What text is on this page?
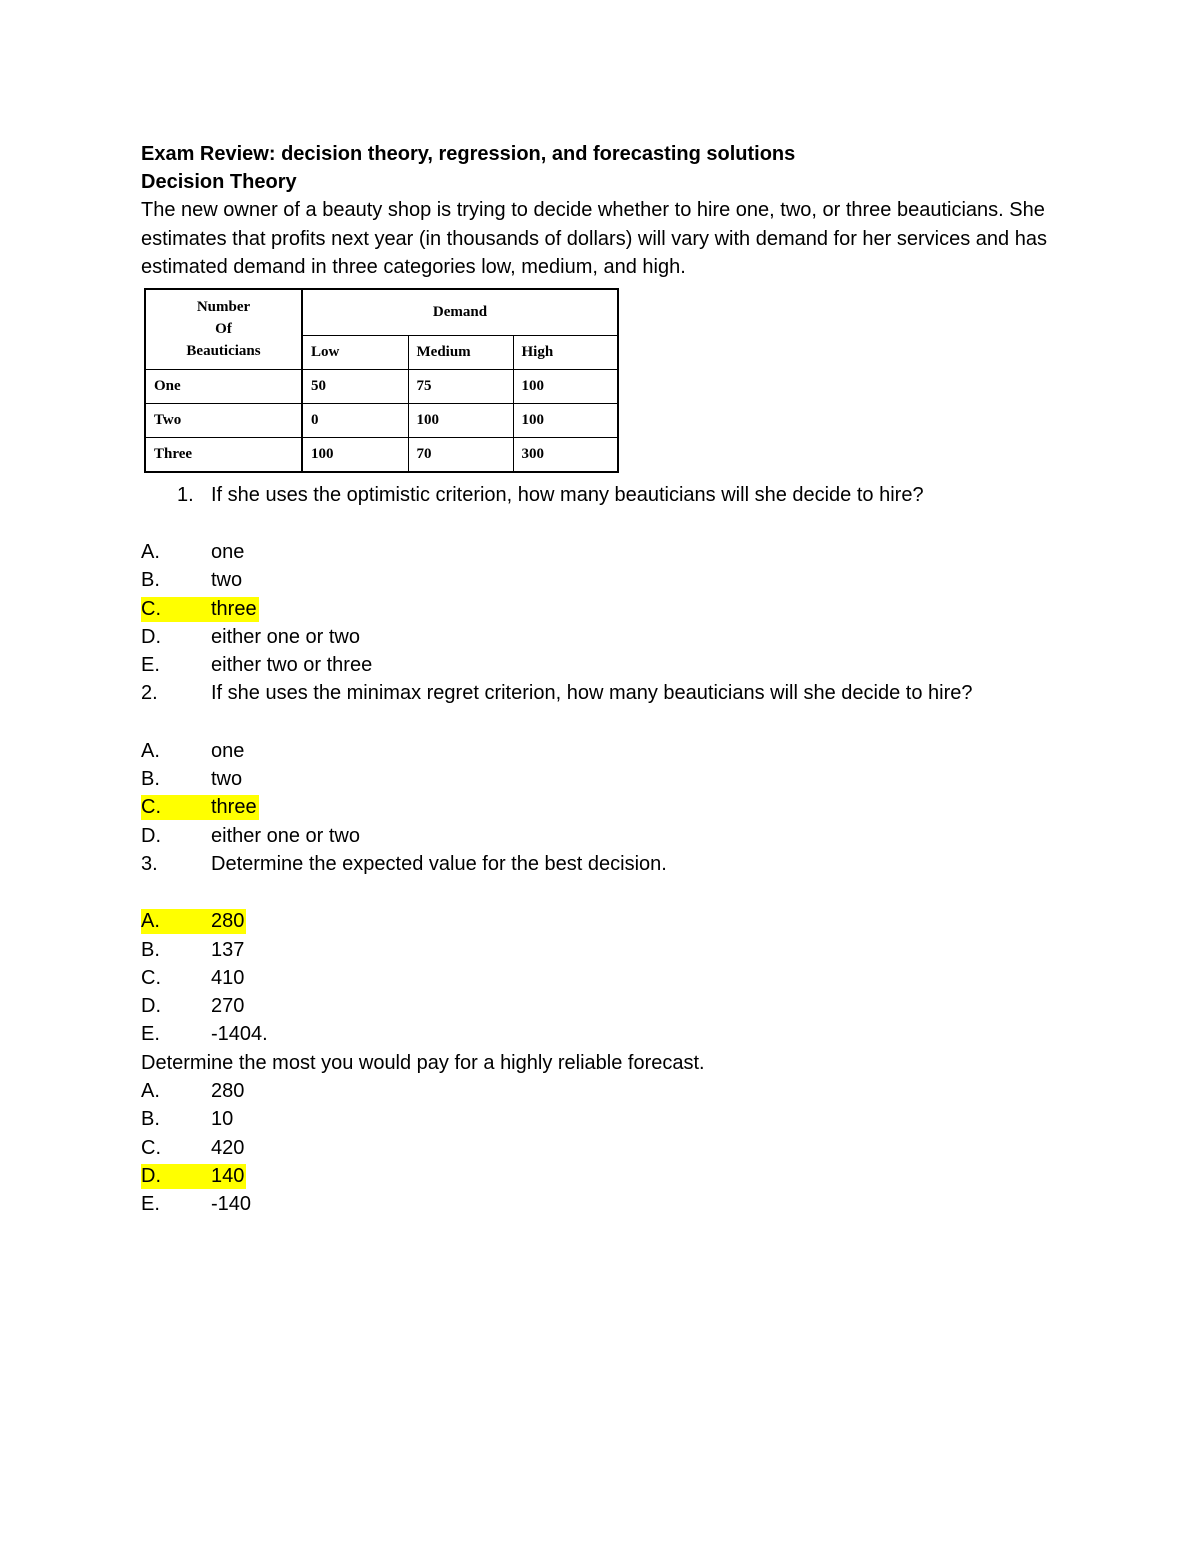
Exam Review: decision theory, regression, and forecasting solutions

Decision Theory

The new owner of a beauty shop is trying to decide whether to hire one, two, or three beauticians. She estimates that profits next year (in thousands of dollars) will vary with demand for her services and has estimated demand in three categories low, medium, and high.

Number
Of
Beauticians	Demand		
	Low	Medium	High
One	50	75	100
Two	0	100	100
Three	100	70	300

1. If she uses the optimistic criterion, how many beauticians will she decide to hire?

A.	one
B.	two
C.	three
D.	either one or two
E.	either two or three
2.	If she uses the minimax regret criterion, how many beauticians will she decide to hire?
A.	one
B.	two
C.	three
D.	either one or two
3.	Determine the expected value for the best decision.
A.	280
B.	137
C.	410
D.	270
E.	-1404.

Determine the most you would pay for a highly reliable forecast.

A.	280
B.	10
C.	420
D.	140
E.	-140
